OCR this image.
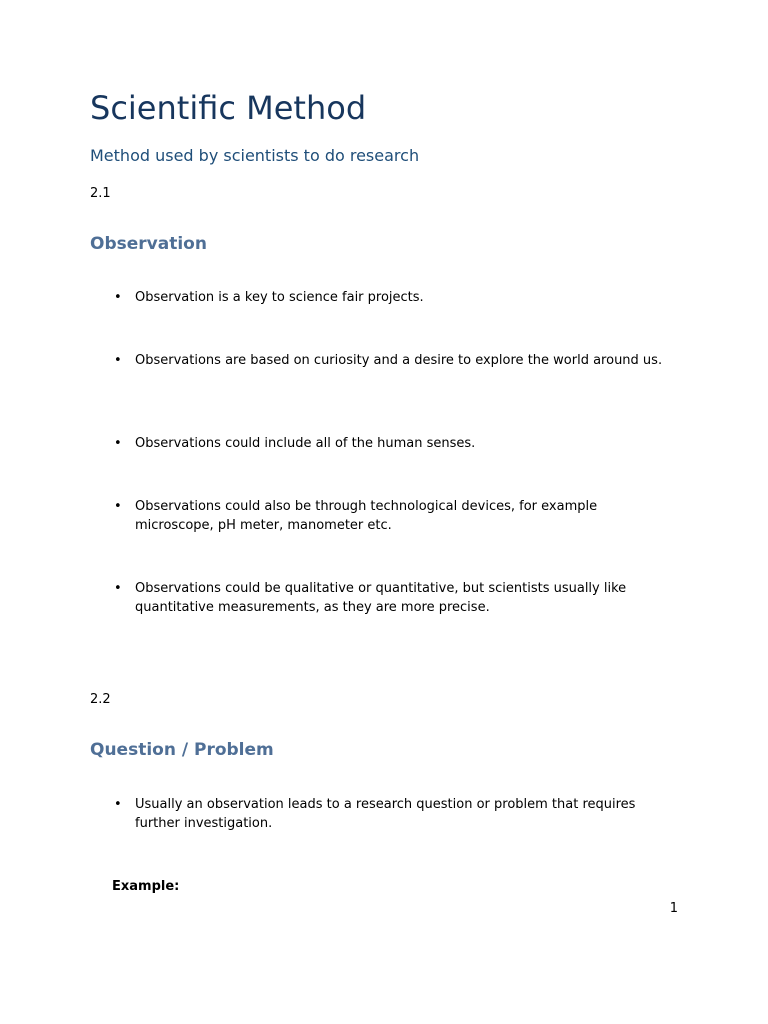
Scientific Method
Method used by scientists to do research

2.1

Observation
• Observation is a key to science fair projects.
• Observations are based on curiosity and a desire to explore the world around us.
• Observations could include all of the human senses.
• Observations could also be through technological devices, for example microscope, pH meter, manometer etc.
• Observations could be qualitative or quantitative, but scientists usually like quantitative measurements, as they are more precise.

2.2

Question / Problem
• Usually an observation leads to a research question or problem that requires further investigation.

Example:

1
